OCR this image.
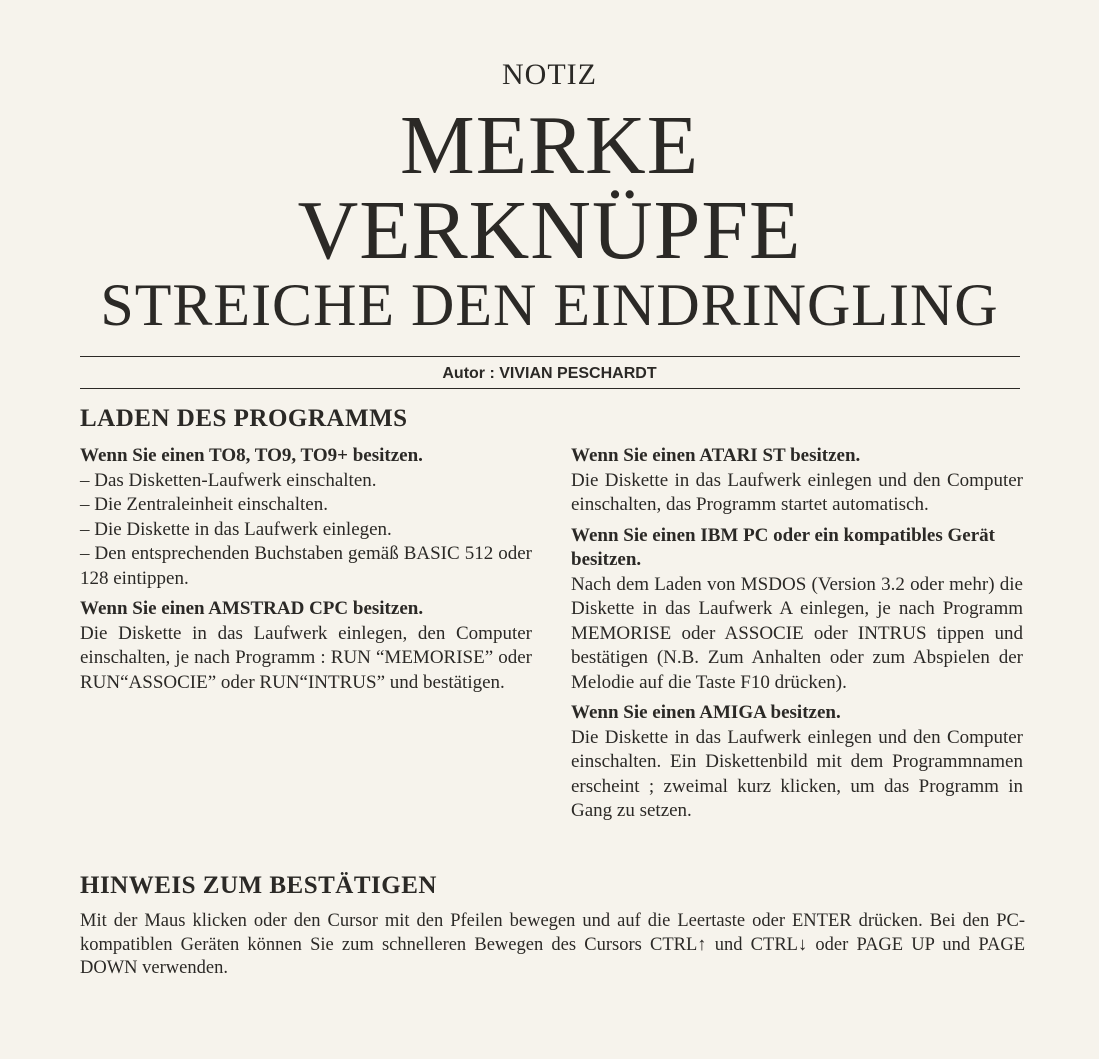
NOTIZ
MERKE
VERKNÜPFE
STREICHE DEN EINDRINGLING
Autor : VIVIAN PESCHARDT
LADEN DES PROGRAMMS

Wenn Sie einen TO8, TO9, TO9+ besitzen.

– Das Disketten-Laufwerk einschalten.

– Die Zentraleinheit einschalten.

– Die Diskette in das Laufwerk einlegen.

– Den entsprechenden Buchstaben gemäß BASIC 512 oder 128 eintippen.

Wenn Sie einen AMSTRAD CPC besitzen.

Die Diskette in das Laufwerk einlegen, den Computer einschalten, je nach Programm : RUN “MEMORISE” oder RUN“ASSOCIE” oder RUN“INTRUS” und bestätigen.

Wenn Sie einen ATARI ST besitzen.

Die Diskette in das Laufwerk einlegen und den Computer einschalten, das Programm startet automatisch.

Wenn Sie einen IBM PC oder ein kompatibles Gerät besitzen.

Nach dem Laden von MSDOS (Version 3.2 oder mehr) die Diskette in das Laufwerk A einlegen, je nach Programm MEMORISE oder ASSOCIE oder INTRUS tippen und bestätigen (N.B. Zum Anhalten oder zum Abspielen der Melodie auf die Taste F10 drücken).

Wenn Sie einen AMIGA besitzen.

Die Diskette in das Laufwerk einlegen und den Computer einschalten. Ein Diskettenbild mit dem Programmnamen erscheint ; zweimal kurz klicken, um das Programm in Gang zu setzen.

HINWEIS ZUM BESTÄTIGEN

Mit der Maus klicken oder den Cursor mit den Pfeilen bewegen und auf die Leertaste oder ENTER drücken. Bei den PC-kompatiblen Geräten können Sie zum schnelleren Bewegen des Cursors CTRL↑ und CTRL↓ oder PAGE UP und PAGE DOWN verwenden.
